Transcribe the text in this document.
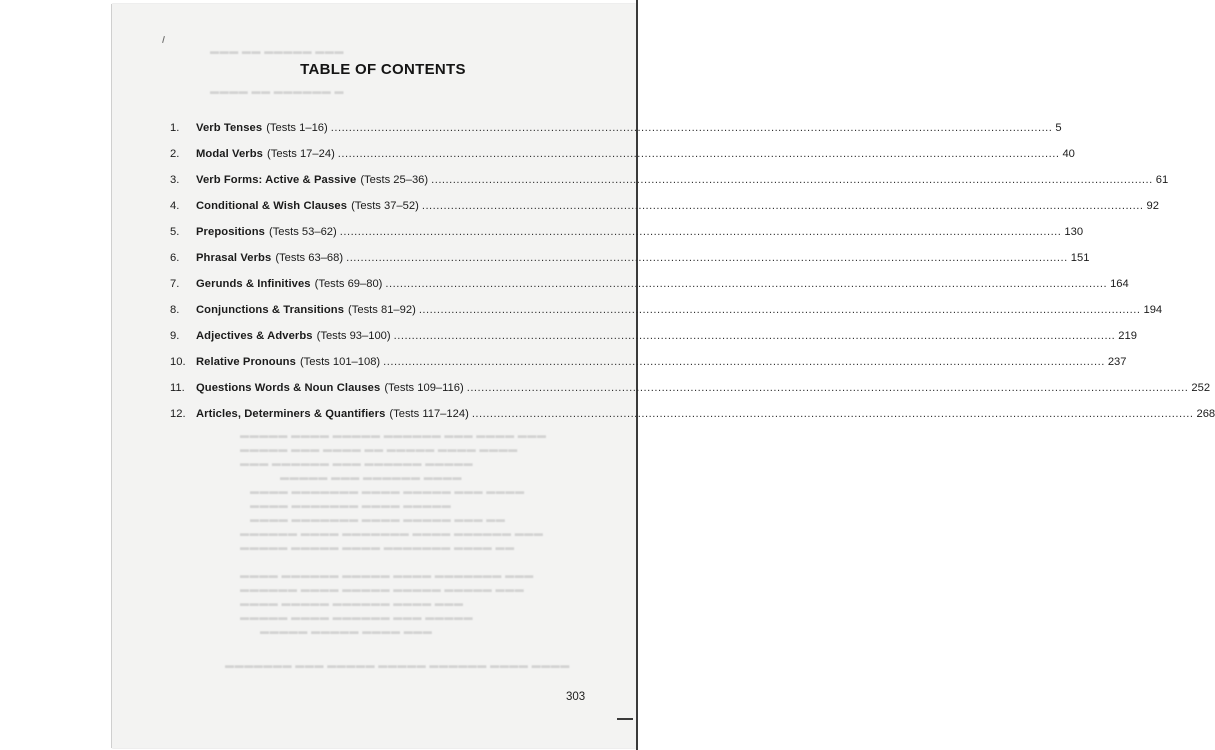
▬▬▬ ▬▬ ▬▬▬▬▬ ▬▬▬
▬▬▬▬ ▬▬ ▬▬▬▬▬▬ ▬
▬▬▬▬▬ ▬▬▬▬ ▬▬▬▬▬ ▬▬▬▬▬▬ ▬▬▬ ▬▬▬▬ ▬▬▬
▬▬▬▬▬ ▬▬▬ ▬▬▬▬ ▬▬ ▬▬▬▬▬ ▬▬▬▬ ▬▬▬▬
▬▬▬ ▬▬▬▬▬▬ ▬▬▬ ▬▬▬▬▬▬ ▬▬▬▬▬
▬▬▬▬▬ ▬▬▬ ▬▬▬▬▬▬ ▬▬▬▬
▬▬▬▬ ▬▬▬▬▬▬▬ ▬▬▬▬ ▬▬▬▬▬ ▬▬▬ ▬▬▬▬
▬▬▬▬ ▬▬▬▬▬▬▬ ▬▬▬▬ ▬▬▬▬▬
▬▬▬▬ ▬▬▬▬▬▬▬ ▬▬▬▬ ▬▬▬▬▬ ▬▬▬ ▬▬
▬▬▬▬▬▬ ▬▬▬▬ ▬▬▬▬▬▬▬ ▬▬▬▬ ▬▬▬▬▬▬ ▬▬▬
▬▬▬▬▬ ▬▬▬▬▬ ▬▬▬▬ ▬▬▬▬▬▬▬ ▬▬▬▬ ▬▬
▬▬▬▬ ▬▬▬▬▬▬ ▬▬▬▬▬ ▬▬▬▬ ▬▬▬▬▬▬▬ ▬▬▬
▬▬▬▬▬▬ ▬▬▬▬ ▬▬▬▬▬ ▬▬▬▬▬ ▬▬▬▬▬ ▬▬▬
▬▬▬▬ ▬▬▬▬▬ ▬▬▬▬▬▬ ▬▬▬▬ ▬▬▬
▬▬▬▬▬ ▬▬▬▬ ▬▬▬▬▬▬ ▬▬▬ ▬▬▬▬▬
▬▬▬▬▬ ▬▬▬▬▬ ▬▬▬▬ ▬▬▬
▬▬▬▬▬▬▬ ▬▬▬ ▬▬▬▬▬ ▬▬▬▬▬ ▬▬▬▬▬▬ ▬▬▬▬ ▬▬▬▬
TABLE OF CONTENTS
1.	Verb Tenses (Tests 1–16) ........................................................................................................................................................................................................ 5
2.	Modal Verbs (Tests 17–24) ........................................................................................................................................................................................................ 40
3.	Verb Forms: Active & Passive (Tests 25–36) ........................................................................................................................................................................................................ 61
4.	Conditional & Wish Clauses (Tests 37–52) ........................................................................................................................................................................................................ 92
5.	Prepositions (Tests 53–62) ........................................................................................................................................................................................................ 130
6.	Phrasal Verbs (Tests 63–68) ........................................................................................................................................................................................................ 151
7.	Gerunds & Infinitives (Tests 69–80) ........................................................................................................................................................................................................ 164
8.	Conjunctions & Transitions (Tests 81–92) ........................................................................................................................................................................................................ 194
9.	Adjectives & Adverbs (Tests 93–100) ........................................................................................................................................................................................................ 219
10. Relative Pronouns (Tests 101–108) ........................................................................................................................................................................................................ 237
11.	Questions Words & Noun Clauses (Tests 109–116) ........................................................................................................................................................................................................ 252
12. Articles, Determiners & Quantifiers (Tests 117–124) ........................................................................................................................................................................................................ 268
303
